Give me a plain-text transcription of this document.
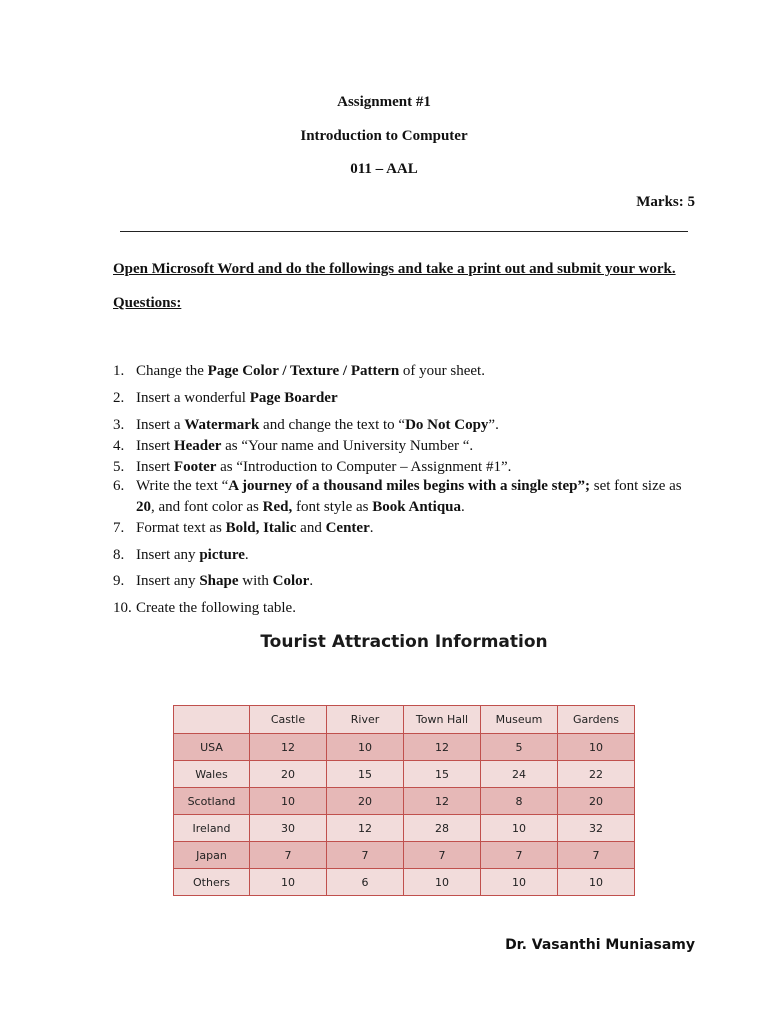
Assignment #1
Introduction to Computer
011 – AAL
Marks: 5
Open Microsoft Word and do the followings and take a print out and submit your work.
Questions:
1. Change the Page Color / Texture / Pattern of your sheet.
2. Insert a wonderful Page Boarder
3. Insert a Watermark and change the text to “Do Not Copy”.
4. Insert Header as “Your name and University Number “.
5. Insert Footer as “Introduction to Computer – Assignment #1”.
6. Write the text “A journey of a thousand miles begins with a single step”; set font size as 20, and font color as Red, font style as Book Antiqua.
7. Format text as Bold, Italic and Center.
8. Insert any picture.
9. Insert any Shape with Color.
10. Create the following table.
Tourist Attraction Information
	Castle	River	Town Hall	Museum	Gardens
USA	12	10	12	5	10
Wales	20	15	15	24	22
Scotland	10	20	12	8	20
Ireland	30	12	28	10	32
Japan	7	7	7	7	7
Others	10	6	10	10	10
Dr. Vasanthi Muniasamy
